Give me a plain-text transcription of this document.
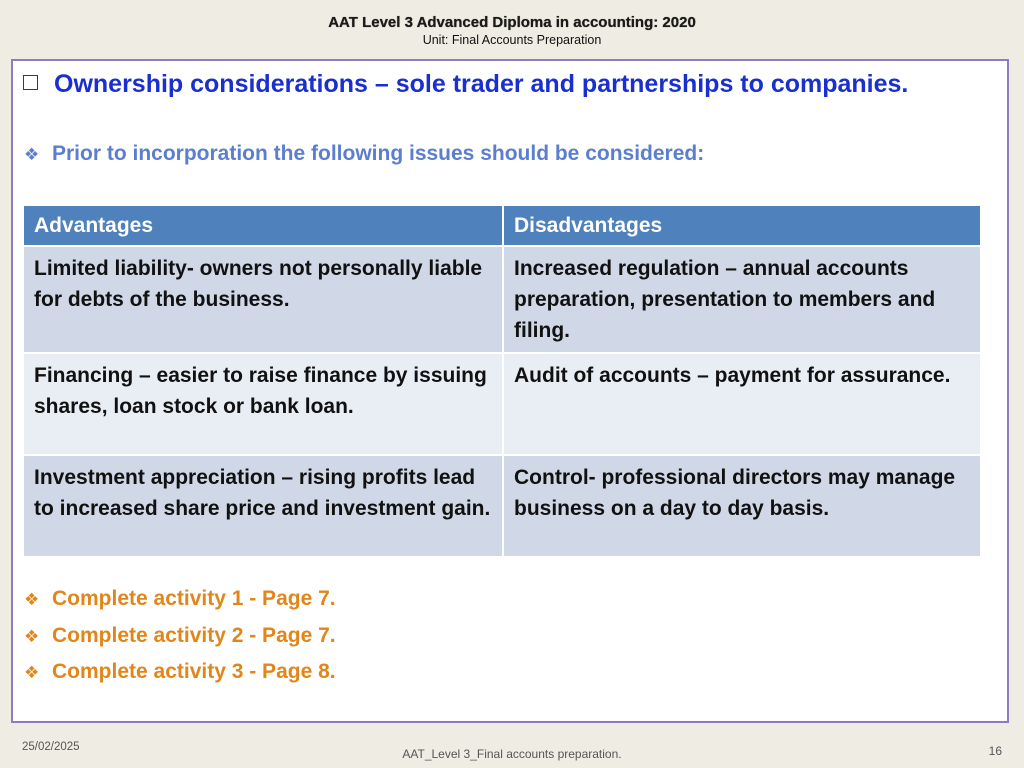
AAT Level 3 Advanced Diploma in accounting: 2020
Unit: Final Accounts Preparation
Ownership considerations – sole trader and partnerships to companies.
❖ Prior to incorporation the following issues should be considered:
Advantages	Disadvantages
Limited liability- owners not personally liable for debts of the business.	Increased regulation – annual accounts preparation, presentation to members and filing.
Financing – easier to raise finance by issuing shares, loan stock or bank loan.	Audit of accounts – payment for assurance.
Investment appreciation – rising profits lead to increased share price and investment gain.	Control- professional directors may manage business on a day to day basis.
❖ Complete activity 1 - Page 7.
❖ Complete activity 2 - Page 7.
❖ Complete activity 3 - Page 8.
25/02/2025	AAT_Level 3_Final accounts preparation.	16
